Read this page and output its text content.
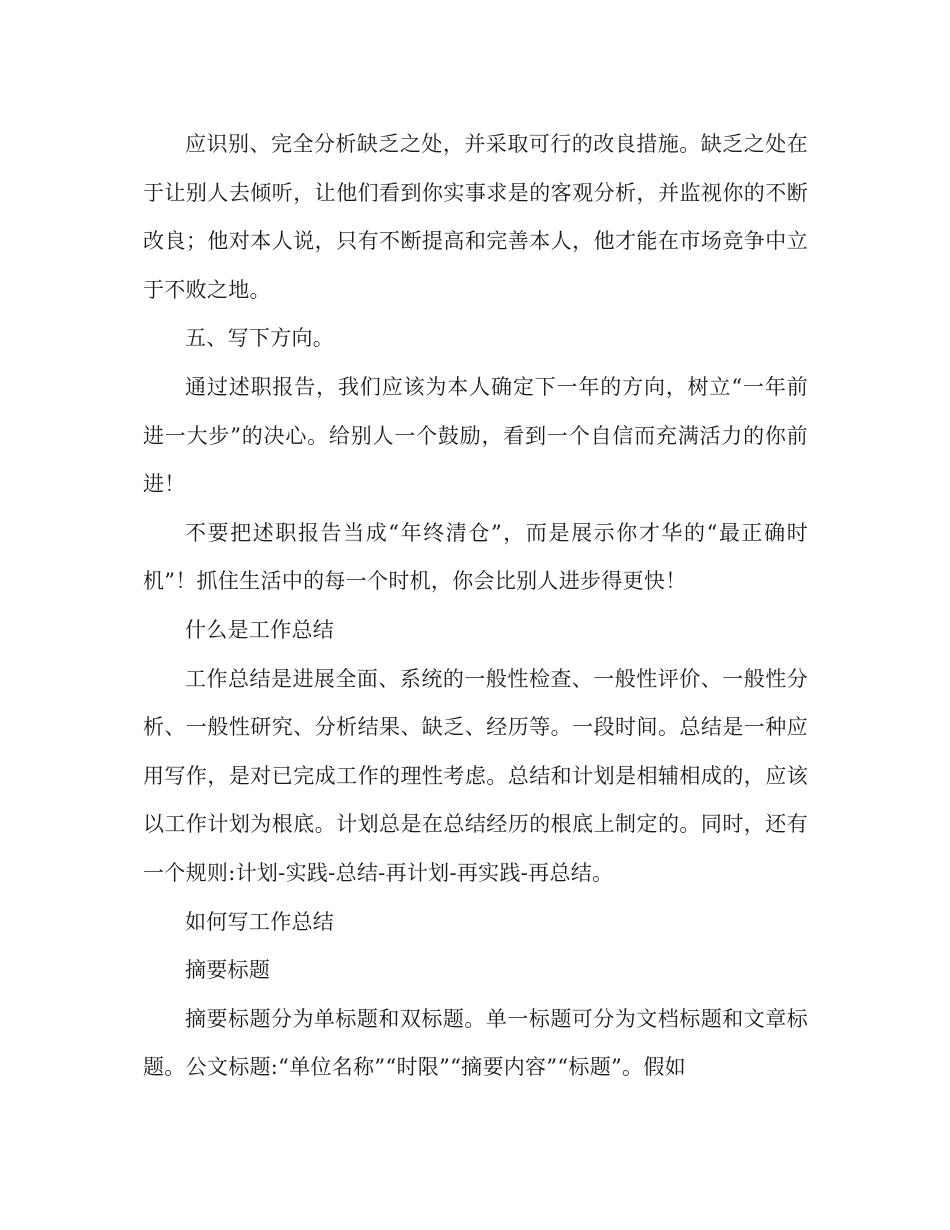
应识别、完全分析缺乏之处，并采取可行的改良措施。缺乏之处在于让别人去倾听，让他们看到你实事求是的客观分析，并监视你的不断改良；他对本人说，只有不断提高和完善本人，他才能在市场竞争中立于不败之地。

五、写下方向。

通过述职报告，我们应该为本人确定下一年的方向，树立“一年前进一大步”的决心。给别人一个鼓励，看到一个自信而充满活力的你前进！

不要把述职报告当成“年终清仓”，而是展示你才华的“最正确时机”！抓住生活中的每一个时机，你会比别人进步得更快！

什么是工作总结

工作总结是进展全面、系统的一般性检查、一般性评价、一般性分析、一般性研究、分析结果、缺乏、经历等。一段时间。总结是一种应用写作，是对已完成工作的理性考虑。总结和计划是相辅相成的，应该以工作计划为根底。计划总是在总结经历的根底上制定的。同时，还有一个规则:计划-实践-总结-再计划-再实践-再总结。

如何写工作总结

摘要标题

摘要标题分为单标题和双标题。单一标题可分为文档标题和文章标题。公文标题:“单位名称”“时限”“摘要内容”“标题”。假如
